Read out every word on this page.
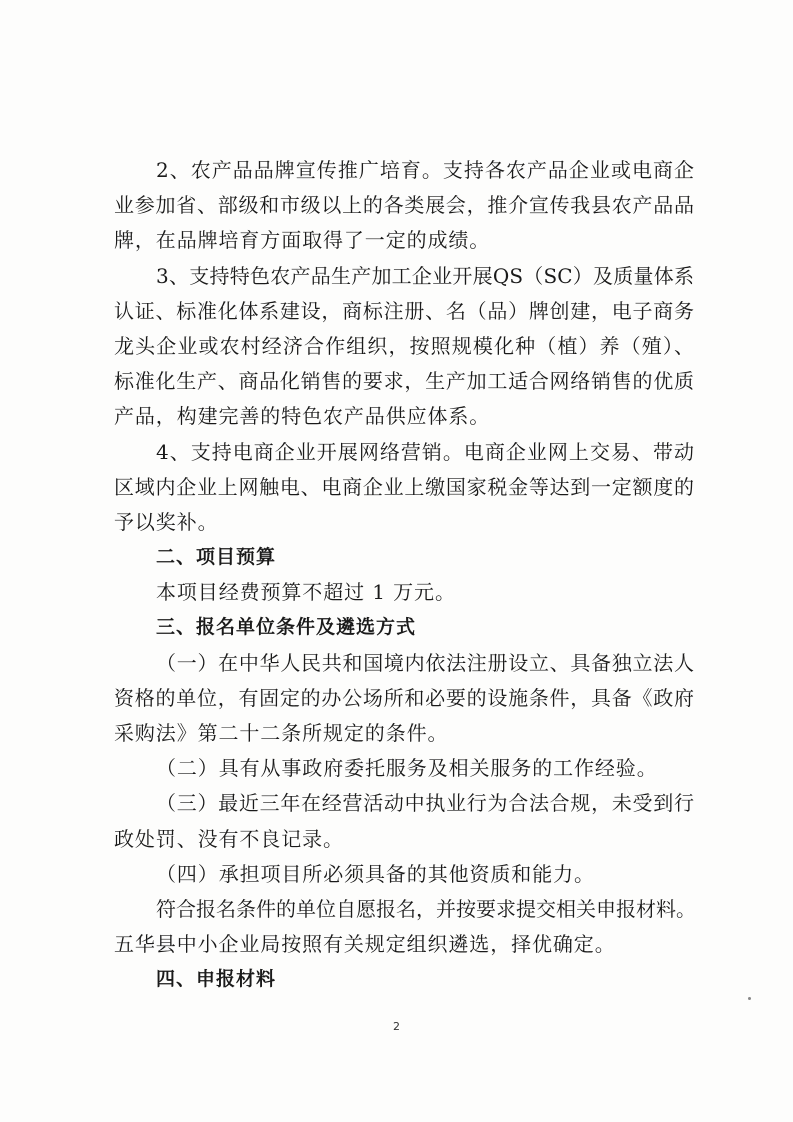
2、农产品品牌宣传推广培育。支持各农产品企业或电商企
业参加省、部级和市级以上的各类展会，推介宣传我县农产品品
牌，在品牌培育方面取得了一定的成绩。
3、支持特色农产品生产加工企业开展QS（SC）及质量体系
认证、标准化体系建设，商标注册、名（品）牌创建，电子商务
龙头企业或农村经济合作组织，按照规模化种（植）养（殖）、
标准化生产、商品化销售的要求，生产加工适合网络销售的优质
产品，构建完善的特色农产品供应体系。
4、支持电商企业开展网络营销。电商企业网上交易、带动
区域内企业上网触电、电商企业上缴国家税金等达到一定额度的
予以奖补。
二、项目预算
本项目经费预算不超过 1 万元。
三、报名单位条件及遴选方式
（一）在中华人民共和国境内依法注册设立、具备独立法人
资格的单位，有固定的办公场所和必要的设施条件，具备《政府
采购法》第二十二条所规定的条件。
（二）具有从事政府委托服务及相关服务的工作经验。
（三）最近三年在经营活动中执业行为合法合规，未受到行
政处罚、没有不良记录。
（四）承担项目所必须具备的其他资质和能力。
符合报名条件的单位自愿报名，并按要求提交相关申报材料。
五华县中小企业局按照有关规定组织遴选，择优确定。
四、申报材料
2
